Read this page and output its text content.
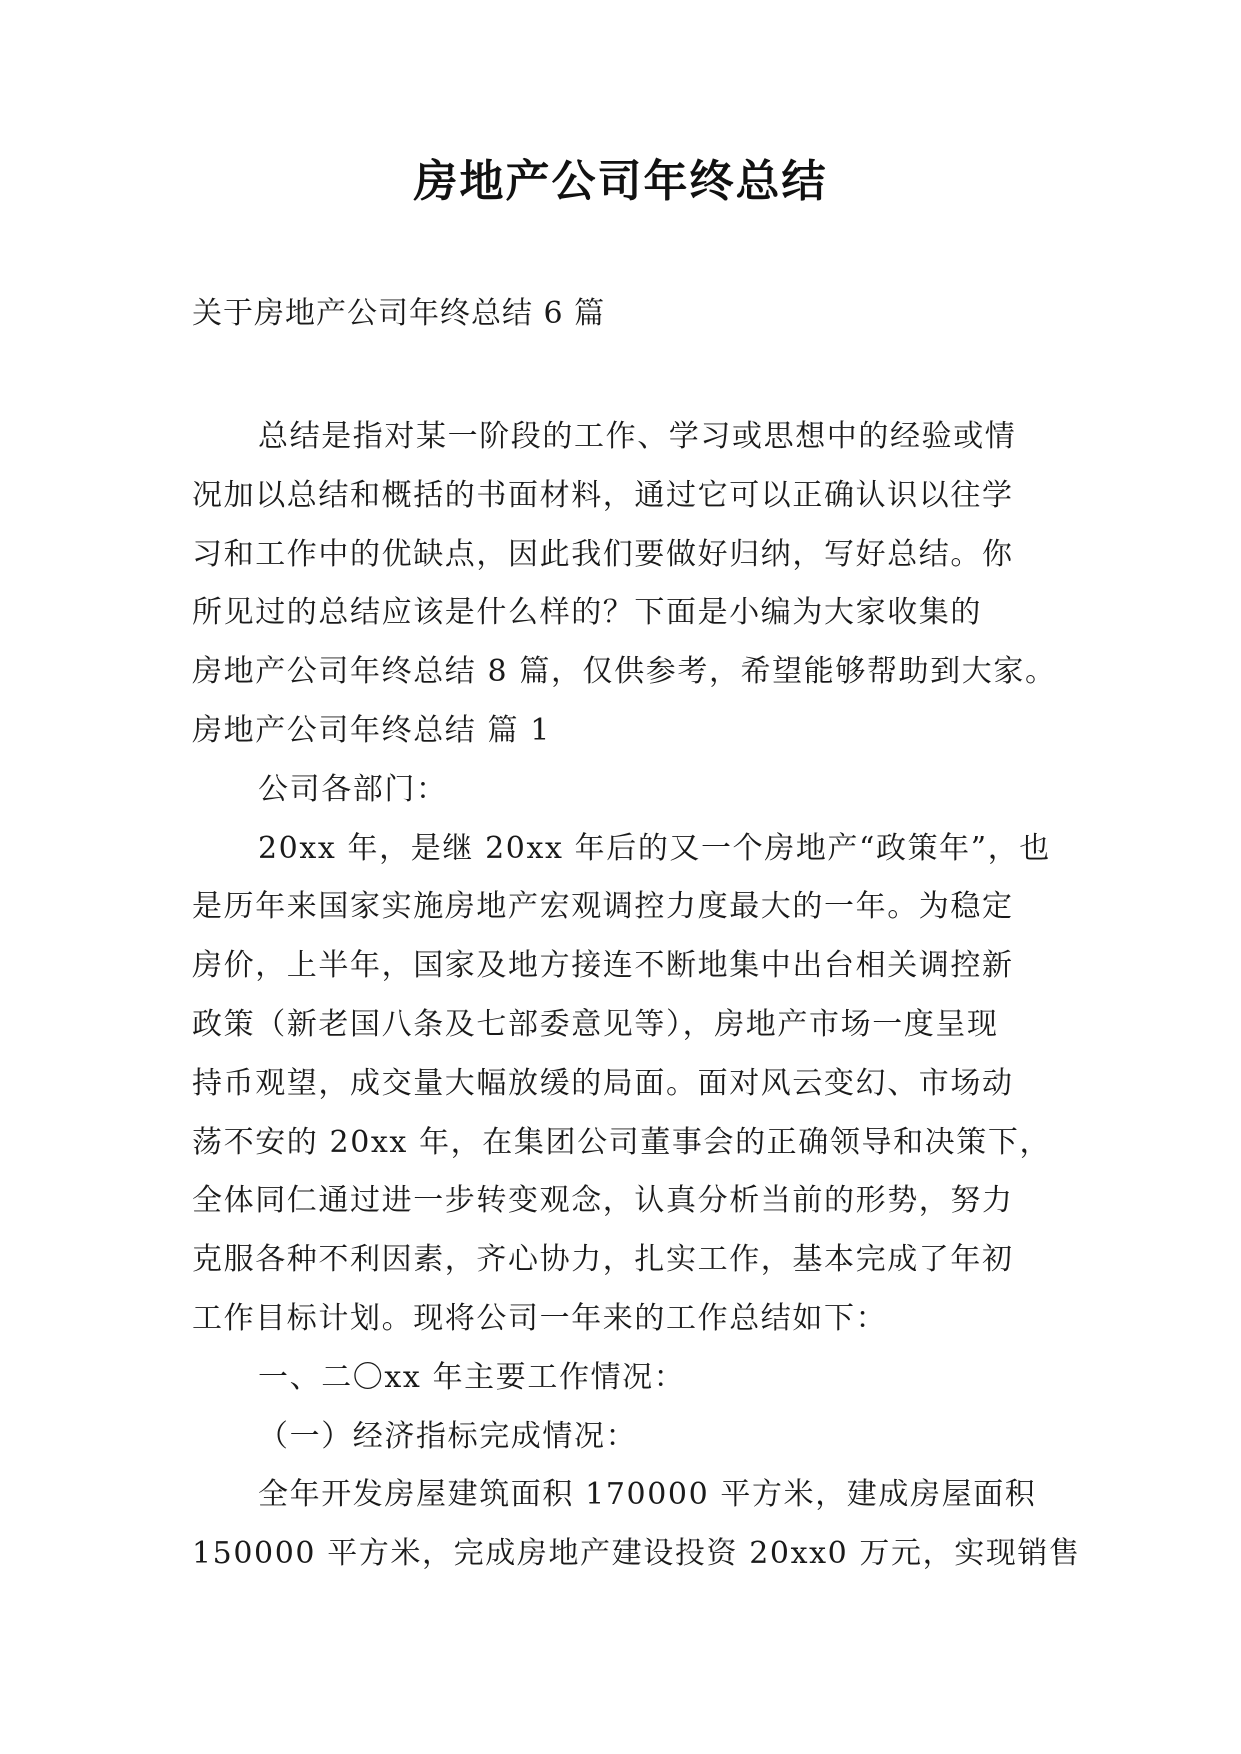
房地产公司年终总结
关于房地产公司年终总结 6 篇
总结是指对某一阶段的工作、学习或思想中的经验或情
况加以总结和概括的书面材料，通过它可以正确认识以往学
习和工作中的优缺点，因此我们要做好归纳，写好总结。你
所见过的总结应该是什么样的？下面是小编为大家收集的
房地产公司年终总结 8 篇，仅供参考，希望能够帮助到大家。
房地产公司年终总结 篇 1
公司各部门：
20xx 年，是继 20xx 年后的又一个房地产“政策年”，也
是历年来国家实施房地产宏观调控力度最大的一年。为稳定
房价，上半年，国家及地方接连不断地集中出台相关调控新
政策（新老国八条及七部委意见等），房地产市场一度呈现
持币观望，成交量大幅放缓的局面。面对风云变幻、市场动
荡不安的 20xx 年，在集团公司董事会的正确领导和决策下，
全体同仁通过进一步转变观念，认真分析当前的形势，努力
克服各种不利因素，齐心协力，扎实工作，基本完成了年初
工作目标计划。现将公司一年来的工作总结如下：
一、二〇xx 年主要工作情况：
（一）经济指标完成情况：
全年开发房屋建筑面积 170000 平方米，建成房屋面积
150000 平方米，完成房地产建设投资 20xx0 万元，实现销售
